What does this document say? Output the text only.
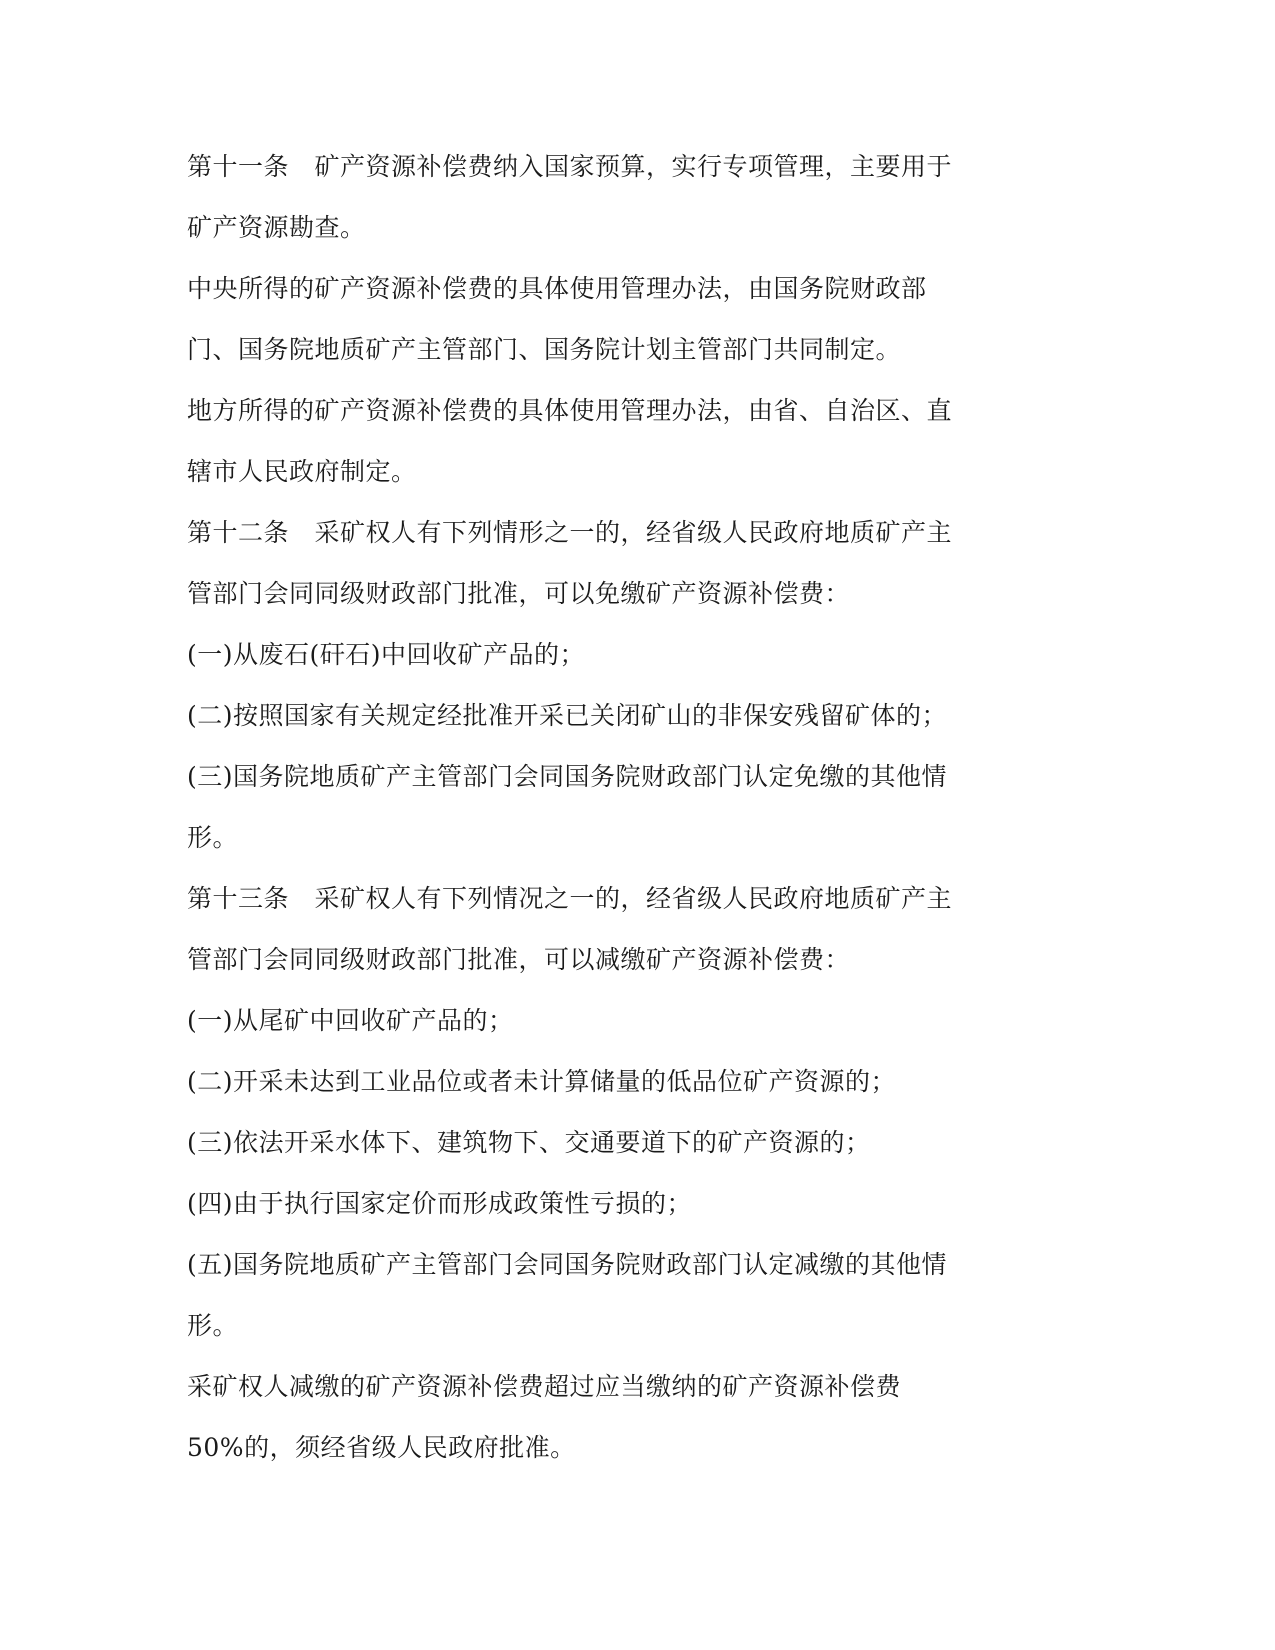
第十一条　矿产资源补偿费纳入国家预算，实行专项管理，主要用于
矿产资源勘查。
中央所得的矿产资源补偿费的具体使用管理办法，由国务院财政部
门、国务院地质矿产主管部门、国务院计划主管部门共同制定。
地方所得的矿产资源补偿费的具体使用管理办法，由省、自治区、直
辖市人民政府制定。
第十二条　采矿权人有下列情形之一的，经省级人民政府地质矿产主
管部门会同同级财政部门批准，可以免缴矿产资源补偿费：
(一)从废石(矸石)中回收矿产品的；
(二)按照国家有关规定经批准开采已关闭矿山的非保安残留矿体的；
(三)国务院地质矿产主管部门会同国务院财政部门认定免缴的其他情
形。
第十三条　采矿权人有下列情况之一的，经省级人民政府地质矿产主
管部门会同同级财政部门批准，可以减缴矿产资源补偿费：
(一)从尾矿中回收矿产品的；
(二)开采未达到工业品位或者未计算储量的低品位矿产资源的；
(三)依法开采水体下、建筑物下、交通要道下的矿产资源的；
(四)由于执行国家定价而形成政策性亏损的；
(五)国务院地质矿产主管部门会同国务院财政部门认定减缴的其他情
形。
采矿权人减缴的矿产资源补偿费超过应当缴纳的矿产资源补偿费
50%的，须经省级人民政府批准。
